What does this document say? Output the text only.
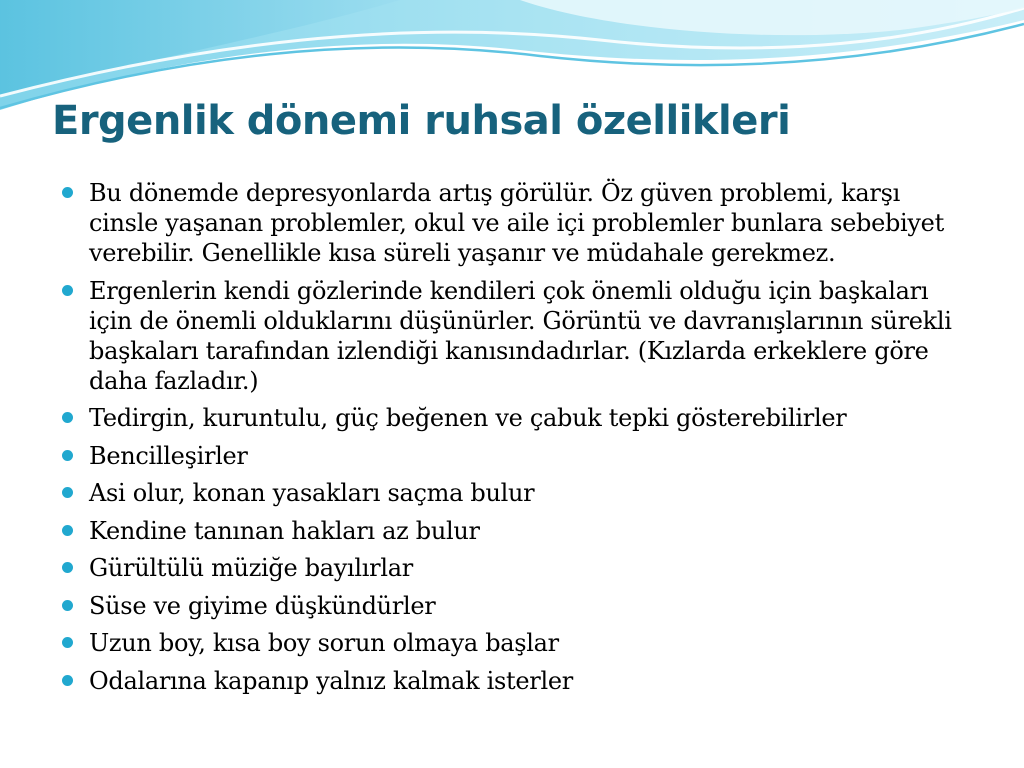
Ergenlik dönemi ruhsal özellikleri
Bu dönemde depresyonlarda artış görülür. Öz güven problemi, karşı cinsle yaşanan problemler, okul ve aile içi problemler bunlara sebebiyet verebilir. Genellikle kısa süreli yaşanır ve müdahale gerekmez.
Ergenlerin kendi gözlerinde kendileri çok önemli olduğu için başkaları için de önemli olduklarını düşünürler. Görüntü ve davranışlarının sürekli başkaları tarafından izlendiği kanısındadırlar. (Kızlarda erkeklere göre daha fazladır.)
Tedirgin, kuruntulu, güç beğenen ve çabuk tepki gösterebilirler
Bencilleşirler
Asi olur, konan yasakları saçma bulur
Kendine tanınan hakları az bulur
Gürültülü müziğe bayılırlar
Süse ve giyime düşkündürler
Uzun boy, kısa boy sorun olmaya başlar
Odalarına kapanıp yalnız kalmak isterler
